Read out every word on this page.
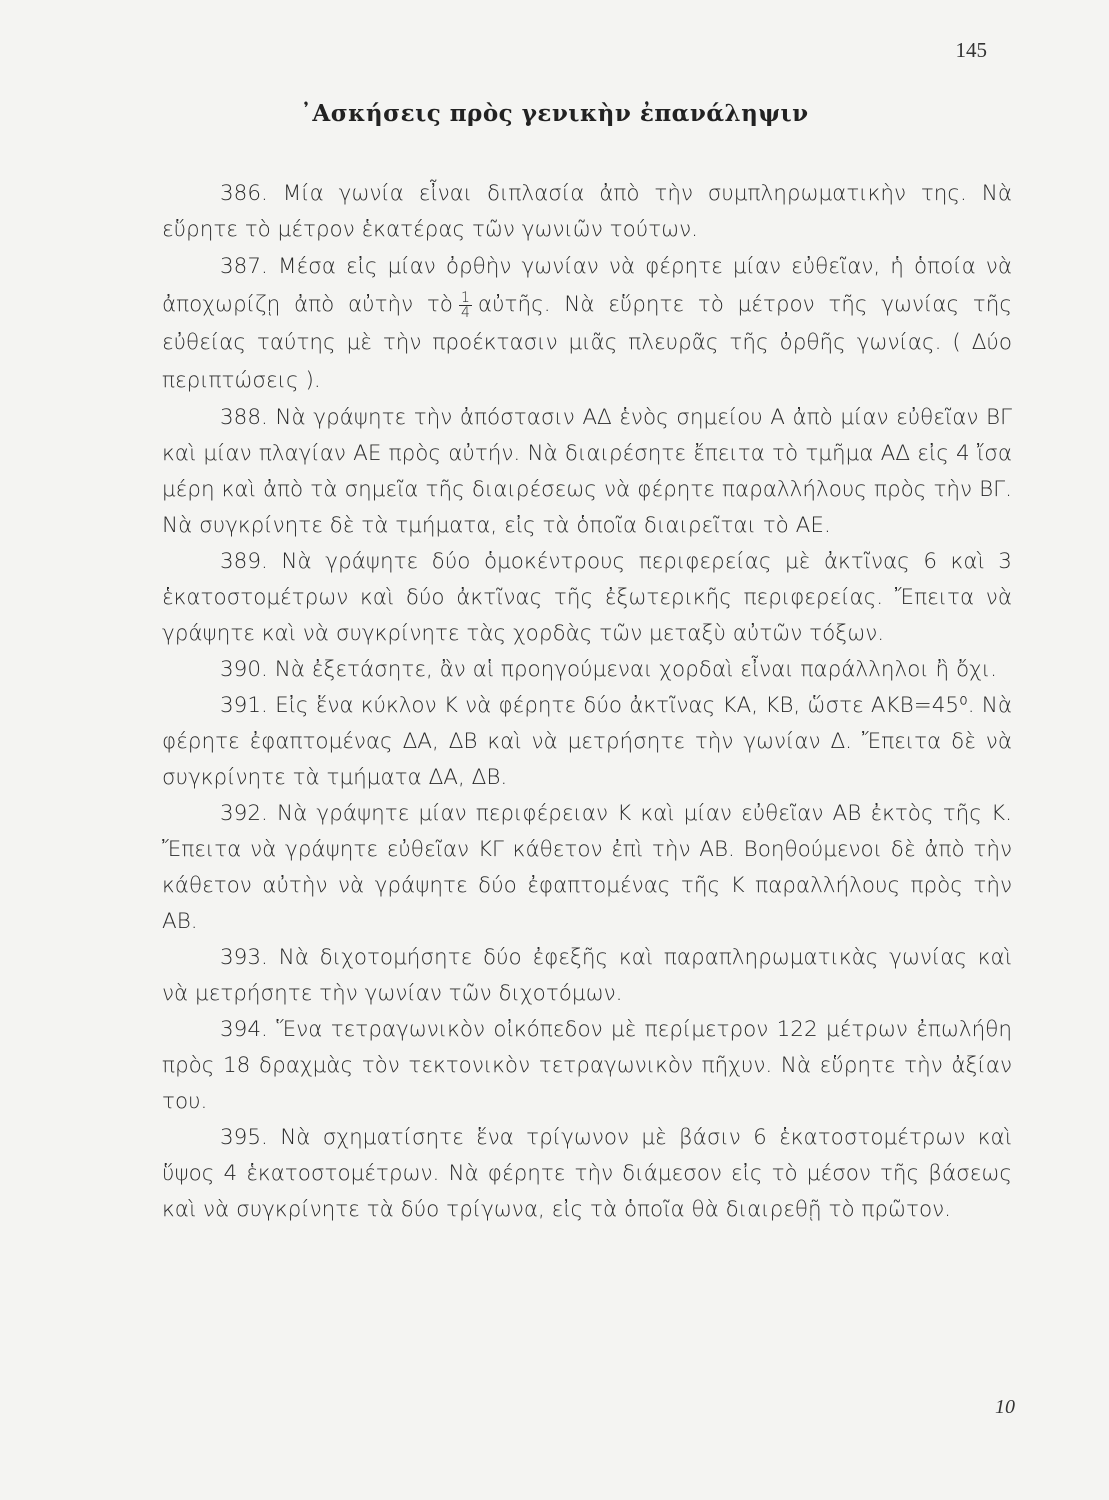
145
᾿Ασκήσεις πρὸς γενικὴν ἐπανάληψιν

386. Μία γωνία εἶναι διπλασία ἀπὸ τὴν συμπληρωματικὴν της. Νὰ εὕρητε τὸ μέτρον ἑκατέρας τῶν γωνιῶν τούτων.

387. Μέσα εἰς μίαν ὀρθὴν γωνίαν νὰ φέρητε μίαν εὐθεῖαν, ἡ ὁποία νὰ ἀποχωρίζῃ ἀπὸ αὐτὴν τὸ $\frac{1}{4}$ αὐτῆς. Νὰ εὕρητε τὸ μέτρον τῆς γωνίας τῆς εὐθείας ταύτης μὲ τὴν προέκτασιν μιᾶς πλευρᾶς τῆς ὀρθῆς γωνίας. ( Δύο περιπτώσεις ).

388. Νὰ γράψητε τὴν ἀπόστασιν ΑΔ ἑνὸς σημείου Α ἀπὸ μίαν εὐθεῖαν ΒΓ καὶ μίαν πλαγίαν ΑΕ πρὸς αὐτήν. Νὰ διαιρέσητε ἔπειτα τὸ τμῆμα ΑΔ εἰς 4 ἴσα μέρη καὶ ἀπὸ τὰ σημεῖα τῆς διαιρέσεως νὰ φέρητε παραλλήλους πρὸς τὴν ΒΓ. Νὰ συγκρίνητε δὲ τὰ τμήματα, εἰς τὰ ὁποῖα διαιρεῖται τὸ ΑΕ.

389. Νὰ γράψητε δύο ὁμοκέντρους περιφερείας μὲ ἀκτῖνας 6 καὶ 3 ἑκατοστομέτρων καὶ δύο ἀκτῖνας τῆς ἐξωτερικῆς περιφερείας. Ἔπειτα νὰ γράψητε καὶ νὰ συγκρίνητε τὰς χορδὰς τῶν μεταξὺ αὐτῶν τόξων.

390. Νὰ ἐξετάσητε, ἂν αἱ προηγούμεναι χορδαὶ εἶναι παράλληλοι ἢ ὄχι.

391. Εἰς ἕνα κύκλον Κ νὰ φέρητε δύο ἀκτῖνας ΚΑ, ΚΒ, ὥστε ΑΚΒ=45⁰. Νὰ φέρητε ἐφαπτομένας ΔΑ, ΔΒ καὶ νὰ μετρήσητε τὴν γωνίαν Δ. Ἔπειτα δὲ νὰ συγκρίνητε τὰ τμήματα ΔΑ, ΔΒ.

392. Νὰ γράψητε μίαν περιφέρειαν Κ καὶ μίαν εὐθεῖαν ΑΒ ἐκτὸς τῆς Κ. Ἔπειτα νὰ γράψητε εὐθεῖαν ΚΓ κάθετον ἐπὶ τὴν ΑΒ. Βοηθούμενοι δὲ ἀπὸ τὴν κάθετον αὐτὴν νὰ γράψητε δύο ἐφαπτομένας τῆς Κ παραλλήλους πρὸς τὴν ΑΒ.

393. Νὰ διχοτομήσητε δύο ἐφεξῆς καὶ παραπληρωματικὰς γωνίας καὶ νὰ μετρήσητε τὴν γωνίαν τῶν διχοτόμων.

394. Ἕνα τετραγωνικὸν οἰκόπεδον μὲ περίμετρον 122 μέτρων ἐπωλήθη πρὸς 18 δραχμὰς τὸν τεκτονικὸν τετραγωνικὸν πῆχυν. Νὰ εὕρητε τὴν ἀξίαν του.

395. Νὰ σχηματίσητε ἕνα τρίγωνον μὲ βάσιν 6 ἑκατοστομέτρων καὶ ὕψος 4 ἑκατοστομέτρων. Νὰ φέρητε τὴν διάμεσον εἰς τὸ μέσον τῆς βάσεως καὶ νὰ συγκρίνητε τὰ δύο τρίγωνα, εἰς τὰ ὁποῖα θὰ διαιρεθῇ τὸ πρῶτον.

10
